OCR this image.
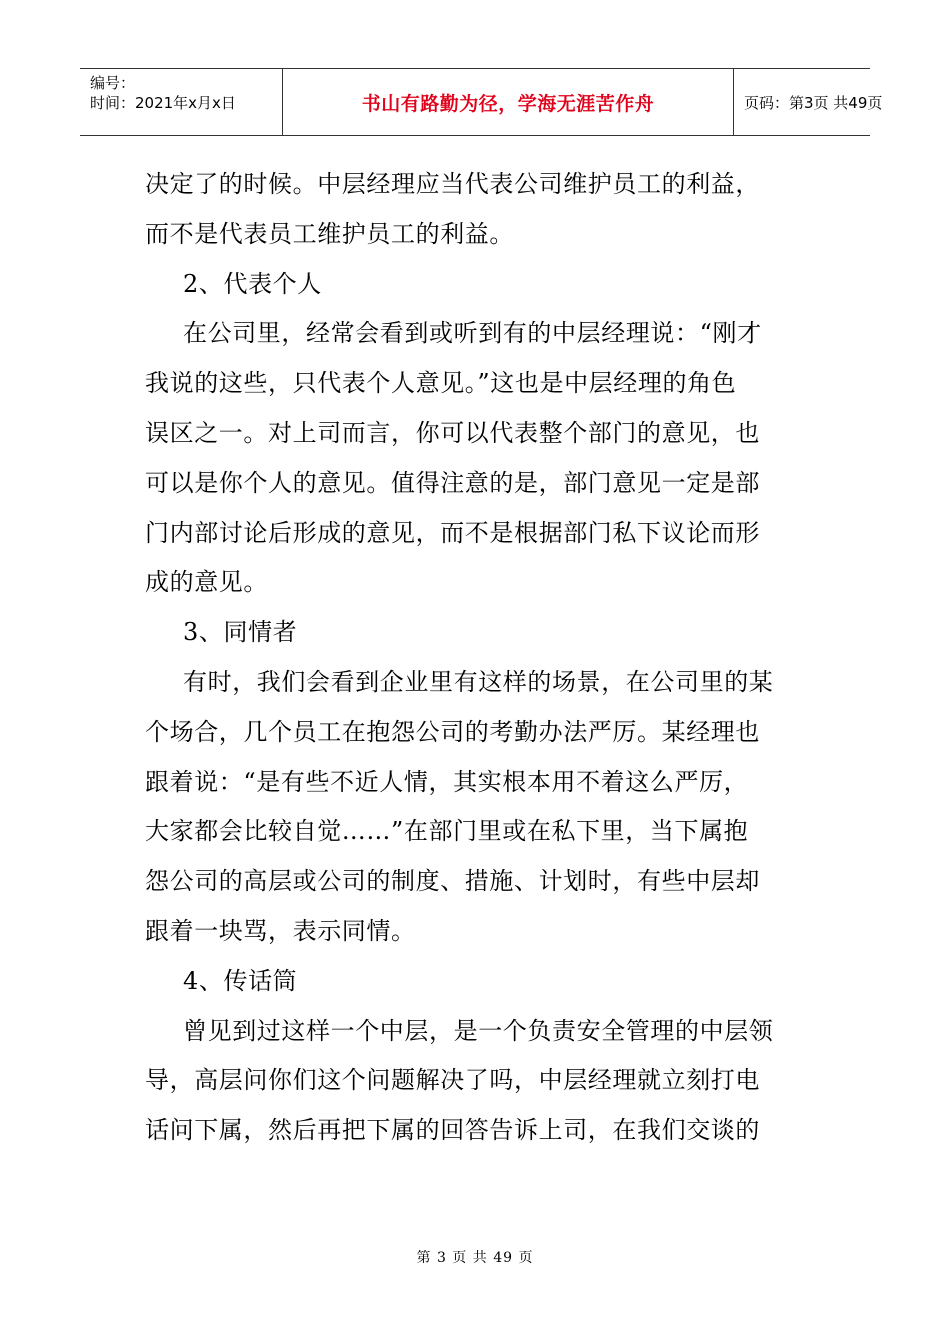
编号：
时间：2021年x月x日	书山有路勤为径，学海无涯苦作舟	页码：第3页 共49页

决定了的时候。中层经理应当代表公司维护员工的利益，
而不是代表员工维护员工的利益。

2、代表个人

在公司里，经常会看到或听到有的中层经理说：“刚才
我说的这些，只代表个人意见。”这也是中层经理的角色
误区之一。对上司而言，你可以代表整个部门的意见，也
可以是你个人的意见。值得注意的是，部门意见一定是部
门内部讨论后形成的意见，而不是根据部门私下议论而形
成的意见。

3、同情者

有时，我们会看到企业里有这样的场景，在公司里的某
个场合，几个员工在抱怨公司的考勤办法严厉。某经理也
跟着说：“是有些不近人情，其实根本用不着这么严厉，
大家都会比较自觉……”在部门里或在私下里，当下属抱
怨公司的高层或公司的制度、措施、计划时，有些中层却
跟着一块骂，表示同情。

4、传话筒

曾见到过这样一个中层，是一个负责安全管理的中层领
导，高层问你们这个问题解决了吗，中层经理就立刻打电
话问下属，然后再把下属的回答告诉上司，在我们交谈的

第 3 页 共 49 页
